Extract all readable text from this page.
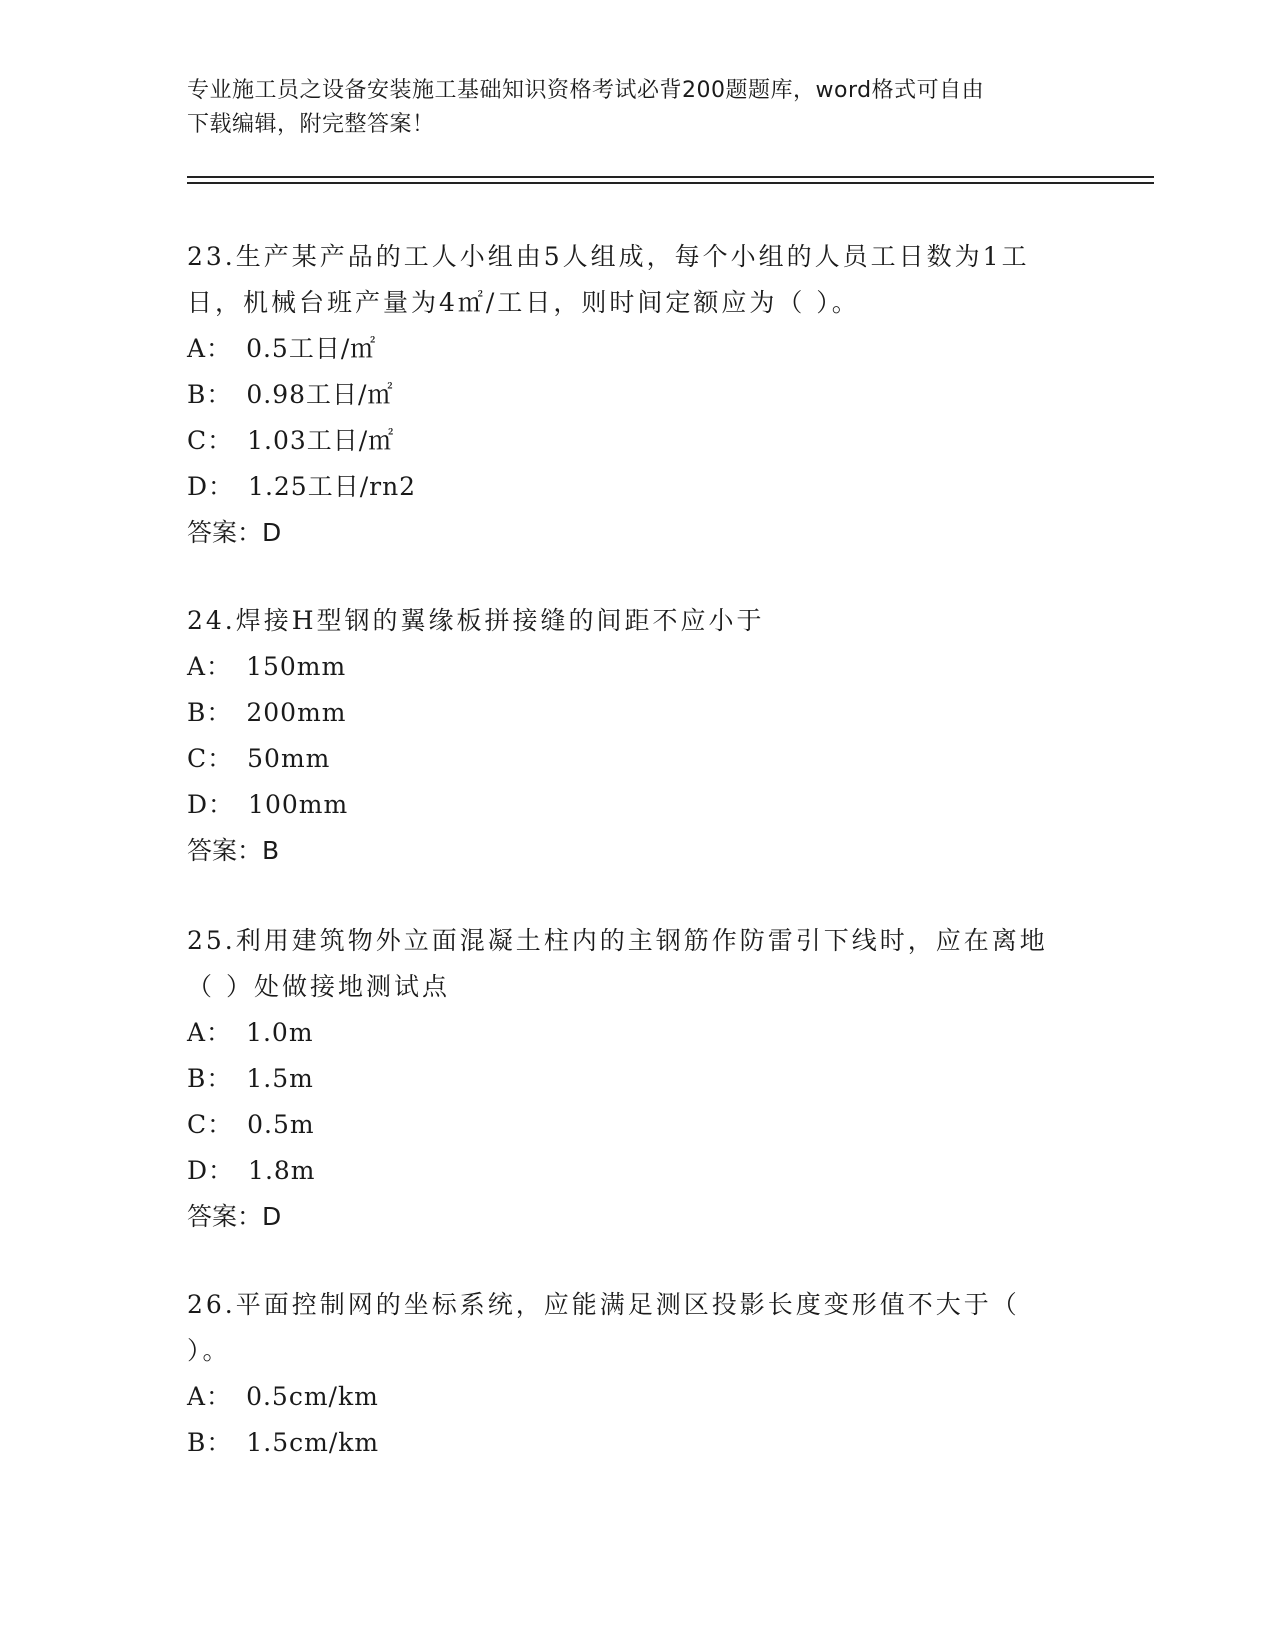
专业施工员之设备安装施工基础知识资格考试必背200题题库，word格式可自由
下载编辑，附完整答案！

23.生产某产品的工人小组由5人组成，每个小组的人员工日数为1工

日，机械台班产量为4㎡/工日，则时间定额应为（ ）。

A： 0.5工日/㎡

B： 0.98工日/㎡

C： 1.03工日/㎡

D： 1.25工日/rn2

答案：D

24.焊接H型钢的翼缘板拼接缝的间距不应小于

A： 150mm

B： 200mm

C： 50mm

D： 100mm

答案：B

25.利用建筑物外立面混凝土柱内的主钢筋作防雷引下线时，应在离地

（ ）处做接地测试点

A： 1.0m

B： 1.5m

C： 0.5m

D： 1.8m

答案：D

26.平面控制网的坐标系统，应能满足测区投影长度变形值不大于（

）。

A： 0.5cm/km

B： 1.5cm/km
